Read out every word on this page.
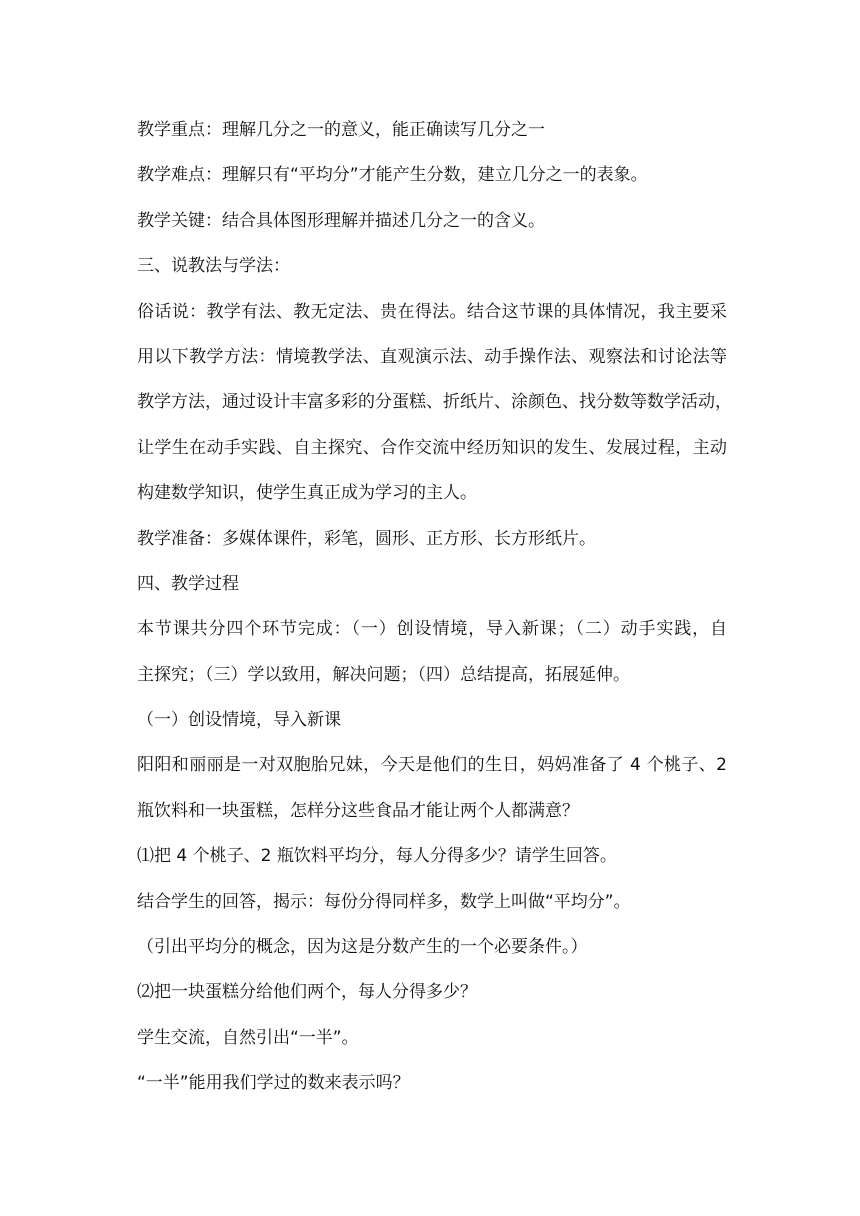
教学重点：理解几分之一的意义，能正确读写几分之一
教学难点：理解只有“平均分”才能产生分数，建立几分之一的表象。
教学关键：结合具体图形理解并描述几分之一的含义。
三、说教法与学法：
俗话说：教学有法、教无定法、贵在得法。结合这节课的具体情况，我主要采
用以下教学方法：情境教学法、直观演示法、动手操作法、观察法和讨论法等
教学方法，通过设计丰富多彩的分蛋糕、折纸片、涂颜色、找分数等数学活动，
让学生在动手实践、自主探究、合作交流中经历知识的发生、发展过程，主动
构建数学知识，使学生真正成为学习的主人。
教学准备：多媒体课件，彩笔，圆形、正方形、长方形纸片。
四、教学过程
本节课共分四个环节完成：（一）创设情境，导入新课；（二）动手实践，自
主探究；（三）学以致用，解决问题；（四）总结提高，拓展延伸。
（一）创设情境，导入新课
阳阳和丽丽是一对双胞胎兄妹，今天是他们的生日，妈妈准备了 4 个桃子、2
瓶饮料和一块蛋糕，怎样分这些食品才能让两个人都满意？
⑴把 4 个桃子、2 瓶饮料平均分，每人分得多少？请学生回答。
结合学生的回答，揭示：每份分得同样多，数学上叫做“平均分”。
（引出平均分的概念，因为这是分数产生的一个必要条件。）
⑵把一块蛋糕分给他们两个，每人分得多少？
学生交流，自然引出“一半”。
“一半”能用我们学过的数来表示吗？
